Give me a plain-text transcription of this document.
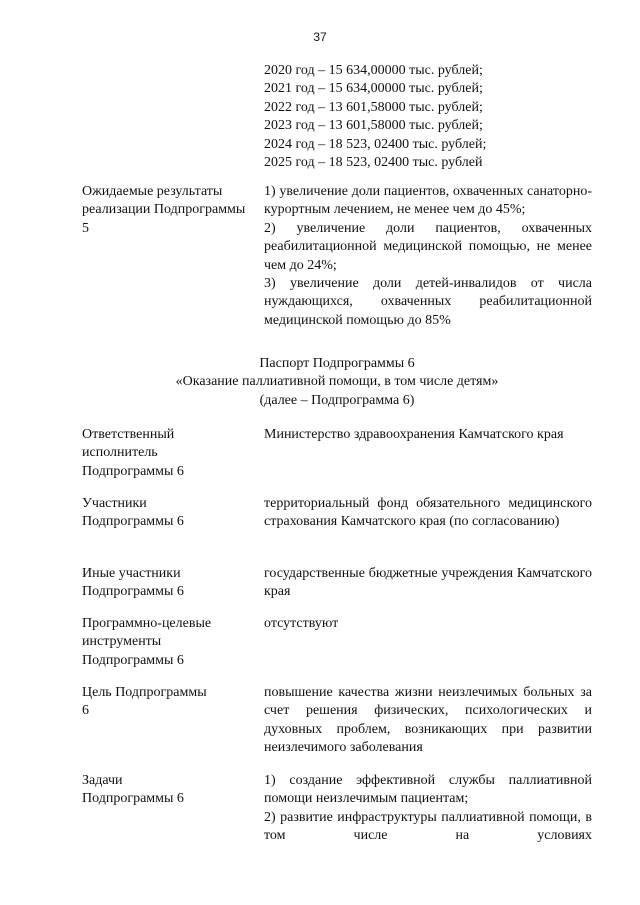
37
2020 год – 15 634,00000 тыс. рублей;
2021 год – 15 634,00000 тыс. рублей;
2022 год – 13 601,58000 тыс. рублей;
2023 год – 13 601,58000 тыс. рублей;
2024 год – 18 523, 02400 тыс. рублей;
2025 год – 18 523, 02400 тыс. рублей
Ожидаемые результаты реализации Подпрограммы 5
1) увеличение доли пациентов, охваченных санаторно-курортным лечением, не менее чем до 45%;
2) увеличение доли пациентов, охваченных реабилитационной медицинской помощью, не менее чем до 24%;
3) увеличение доли детей-инвалидов от числа нуждающихся, охваченных реабилитационной медицинской помощью до 85%
Паспорт Подпрограммы 6
«Оказание паллиативной помощи, в том числе детям»
(далее – Подпрограмма 6)
Ответственный исполнитель Подпрограммы 6
Министерство здравоохранения Камчатского края
Участники Подпрограммы 6
территориальный фонд обязательного медицинского страхования Камчатского края (по согласованию)
Иные участники Подпрограммы 6
государственные бюджетные учреждения Камчатского края
Программно-целевые инструменты Подпрограммы 6
отсутствуют
Цель Подпрограммы 6
повышение качества жизни неизлечимых больных за счет решения физических, психологических и духовных проблем, возникающих при развитии неизлечимого заболевания
Задачи Подпрограммы 6
1) создание эффективной службы паллиативной помощи неизлечимым пациентам;
2) развитие инфраструктуры паллиативной помощи, в том числе на условиях
